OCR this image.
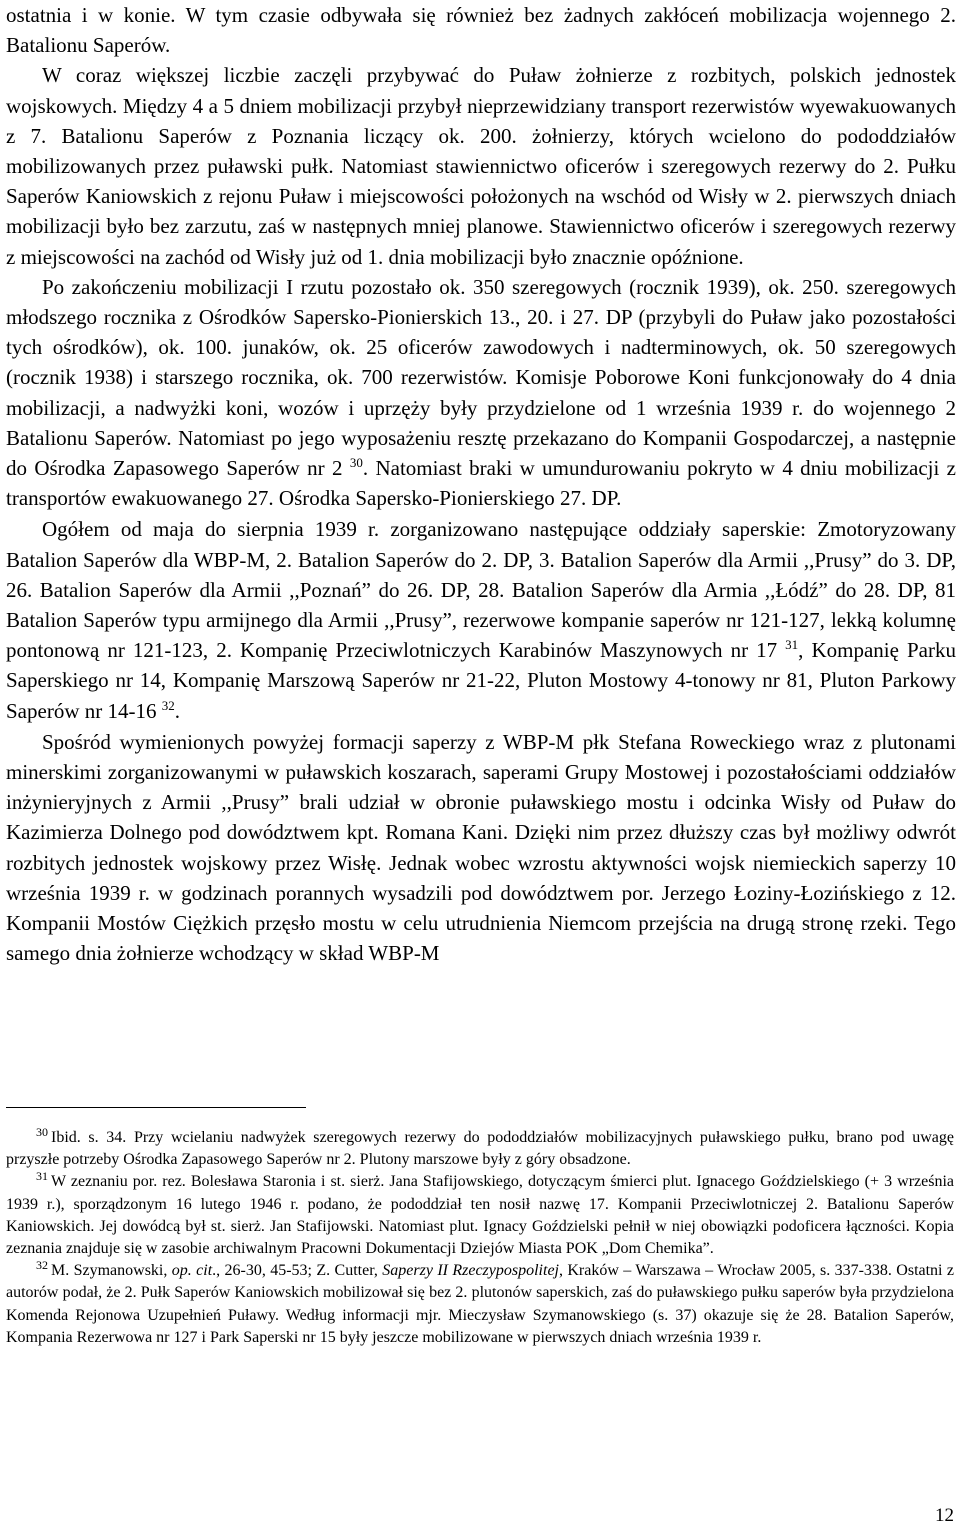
ostatnia i w konie. W tym czasie odbywała się również bez żadnych zakłóceń mobilizacja wojennego 2. Batalionu Saperów.

W coraz większej liczbie zaczęli przybywać do Puław żołnierze z rozbitych, polskich jednostek wojskowych. Między 4 a 5 dniem mobilizacji przybył nieprzewidziany transport rezerwistów wyewakuowanych z 7. Batalionu Saperów z Poznania liczący ok. 200. żołnierzy, których wcielono do pododdziałów mobilizowanych przez puławski pułk. Natomiast stawiennictwo oficerów i szeregowych rezerwy do 2. Pułku Saperów Kaniowskich z rejonu Puław i miejscowości położonych na wschód od Wisły w 2. pierwszych dniach mobilizacji było bez zarzutu, zaś w następnych mniej planowe. Stawiennictwo oficerów i szeregowych rezerwy z miejscowości na zachód od Wisły już od 1. dnia mobilizacji było znacznie opóźnione.

Po zakończeniu mobilizacji I rzutu pozostało ok. 350 szeregowych (rocznik 1939), ok. 250. szeregowych młodszego rocznika z Ośrodków Sapersko-Pionierskich 13., 20. i 27. DP (przybyli do Puław jako pozostałości tych ośrodków), ok. 100. junaków, ok. 25 oficerów zawodowych i nadterminowych, ok. 50 szeregowych (rocznik 1938) i starszego rocznika, ok. 700 rezerwistów. Komisje Poborowe Koni funkcjonowały do 4 dnia mobilizacji, a nadwyżki koni, wozów i uprzęży były przydzielone od 1 września 1939 r. do wojennego 2 Batalionu Saperów. Natomiast po jego wyposażeniu resztę przekazano do Kompanii Gospodarczej, a następnie do Ośrodka Zapasowego Saperów nr 2 $^{30}$. Natomiast braki w umundurowaniu pokryto w 4 dniu mobilizacji z transportów ewakuowanego 27. Ośrodka Sapersko-Pionierskiego 27. DP.

Ogółem od maja do sierpnia 1939 r. zorganizowano następujące oddziały saperskie: Zmotoryzowany Batalion Saperów dla WBP-M, 2. Batalion Saperów do 2. DP, 3. Batalion Saperów dla Armii ,,Prusy” do 3. DP, 26. Batalion Saperów dla Armii ,,Poznań” do 26. DP, 28. Batalion Saperów dla Armia ,,Łódź” do 28. DP, 81 Batalion Saperów typu armijnego dla Armii ,,Prusy”, rezerwowe kompanie saperów nr 121-127, lekką kolumnę pontonową nr 121-123, 2. Kompanię Przeciwlotniczych Karabinów Maszynowych nr 17 $^{31}$, Kompanię Parku Saperskiego nr 14, Kompanię Marszową Saperów nr 21-22, Pluton Mostowy 4-tonowy nr 81, Pluton Parkowy Saperów nr 14-16 $^{32}$.

Spośród wymienionych powyżej formacji saperzy z WBP-M płk Stefana Roweckiego wraz z plutonami minerskimi zorganizowanymi w puławskich koszarach, saperami Grupy Mostowej i pozostałościami oddziałów inżynieryjnych z Armii ,,Prusy” brali udział w obronie puławskiego mostu i odcinka Wisły od Puław do Kazimierza Dolnego pod dowództwem kpt. Romana Kani. Dzięki nim przez dłuższy czas był możliwy odwrót rozbitych jednostek wojskowy przez Wisłę. Jednak wobec wzrostu aktywności wojsk niemieckich saperzy 10 września 1939 r. w godzinach porannych wysadzili pod dowództwem por. Jerzego Łoziny-Łozińskiego z 12. Kompanii Mostów Ciężkich przęsło mostu w celu utrudnienia Niemcom przejścia na drugą stronę rzeki. Tego samego dnia żołnierze wchodzący w skład WBP-M

$^{30}$ Ibid. s. 34. Przy wcielaniu nadwyżek szeregowych rezerwy do pododdziałów mobilizacyjnych puławskiego pułku, brano pod uwagę przyszłe potrzeby Ośrodka Zapasowego Saperów nr 2. Plutony marszowe były z góry obsadzone.

$^{31}$ W zeznaniu por. rez. Bolesława Staronia i st. sierż. Jana Stafijowskiego, dotyczącym śmierci plut. Ignacego Goździelskiego (+ 3 września 1939 r.), sporządzonym 16 lutego 1946 r. podano, że pododdział ten nosił nazwę 17. Kompanii Przeciwlotniczej 2. Batalionu Saperów Kaniowskich. Jej dowódcą był st. sierż. Jan Stafijowski. Natomiast plut. Ignacy Goździelski pełnił w niej obowiązki podoficera łączności. Kopia zeznania znajduje się w zasobie archiwalnym Pracowni Dokumentacji Dziejów Miasta POK „Dom Chemika”.

$^{32}$ M. Szymanowski, op. cit., 26-30, 45-53; Z. Cutter, Saperzy II Rzeczypospolitej, Kraków – Warszawa – Wrocław 2005, s. 337-338. Ostatni z autorów podał, że 2. Pułk Saperów Kaniowskich mobilizował się bez 2. plutonów saperskich, zaś do puławskiego pułku saperów była przydzielona Komenda Rejonowa Uzupełnień Puławy. Według informacji mjr. Mieczysław Szymanowskiego (s. 37) okazuje się że 28. Batalion Saperów, Kompania Rezerwowa nr 127 i Park Saperski nr 15 były jeszcze mobilizowane w pierwszych dniach września 1939 r.

12
